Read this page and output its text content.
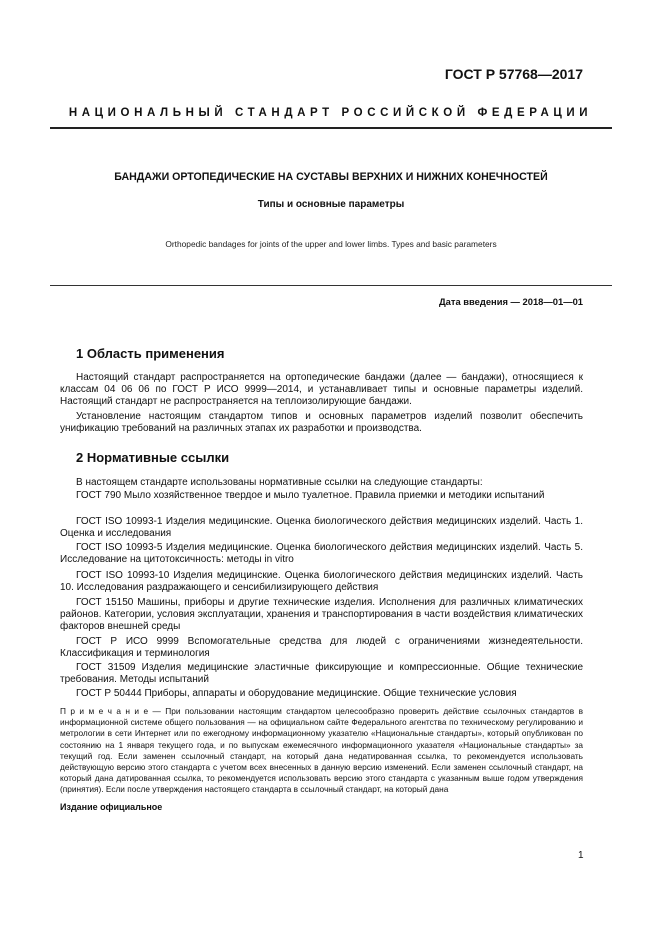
ГОСТ Р 57768—2017
НАЦИОНАЛЬНЫЙ СТАНДАРТ РОССИЙСКОЙ ФЕДЕРАЦИИ
БАНДАЖИ ОРТОПЕДИЧЕСКИЕ НА СУСТАВЫ ВЕРХНИХ И НИЖНИХ КОНЕЧНОСТЕЙ
Типы и основные параметры
Orthopedic bandages for joints of the upper and lower limbs. Types and basic parameters
Дата введения — 2018—01—01
1 Область применения
Настоящий стандарт распространяется на ортопедические бандажи (далее — бандажи), относящиеся к классам 04 06 06 по ГОСТ Р ИСО 9999—2014, и устанавливает типы и основные параметры изделий. Настоящий стандарт не распространяется на теплоизолирующие бандажи.
Установление настоящим стандартом типов и основных параметров изделий позволит обеспечить унификацию требований на различных этапах их разработки и производства.
2 Нормативные ссылки
В настоящем стандарте использованы нормативные ссылки на следующие стандарты:
ГОСТ 790 Мыло хозяйственное твердое и мыло туалетное. Правила приемки и методики испытаний
ГОСТ ISO 10993-1 Изделия медицинские. Оценка биологического действия медицинских изделий. Часть 1. Оценка и исследования
ГОСТ ISO 10993-5 Изделия медицинские. Оценка биологического действия медицинских изделий. Часть 5. Исследование на цитотоксичность: методы in vitro
ГОСТ ISO 10993-10 Изделия медицинские. Оценка биологического действия медицинских изделий. Часть 10. Исследования раздражающего и сенсибилизирующего действия
ГОСТ 15150 Машины, приборы и другие технические изделия. Исполнения для различных климатических районов. Категории, условия эксплуатации, хранения и транспортирования в части воздействия климатических факторов внешней среды
ГОСТ Р ИСО 9999 Вспомогательные средства для людей с ограничениями жизнедеятельности. Классификация и терминология
ГОСТ 31509 Изделия медицинские эластичные фиксирующие и компрессионные. Общие технические требования. Методы испытаний
ГОСТ Р 50444 Приборы, аппараты и оборудование медицинские. Общие технические условия
П р и м е ч а н и е — При пользовании настоящим стандартом целесообразно проверить действие ссылочных стандартов в информационной системе общего пользования — на официальном сайте Федерального агентства по техническому регулированию и метрологии в сети Интернет или по ежегодному информационному указателю «Национальные стандарты», который опубликован по состоянию на 1 января текущего года, и по выпускам ежемесячного информационного указателя «Национальные стандарты» за текущий год. Если заменен ссылочный стандарт, на который дана недатированная ссылка, то рекомендуется использовать действующую версию этого стандарта с учетом всех внесенных в данную версию изменений. Если заменен ссылочный стандарт, на который дана датированная ссылка, то рекомендуется использовать версию этого стандарта с указанным выше годом утверждения (принятия). Если после утверждения настоящего стандарта в ссылочный стандарт, на который дана
Издание официальное
1
